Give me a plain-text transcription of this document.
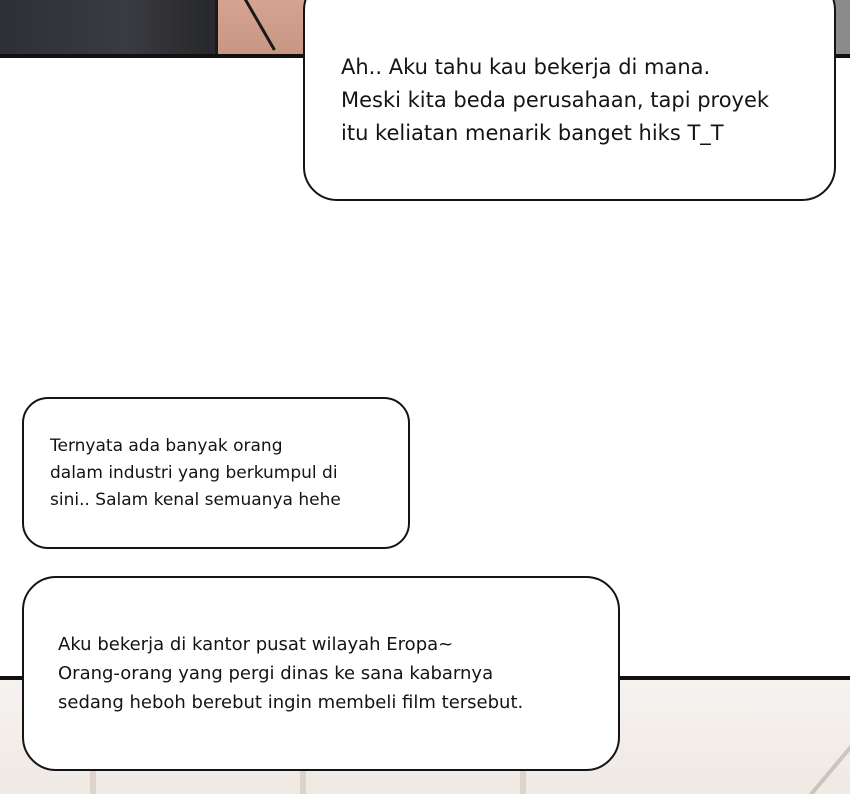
Ah.. Aku tahu kau bekerja di mana.
Meski kita beda perusahaan, tapi proyek
itu keliatan menarik banget hiks T_T

Ternyata ada banyak orang
dalam industri yang berkumpul di
sini.. Salam kenal semuanya hehe

Aku bekerja di kantor pusat wilayah Eropa~
Orang-orang yang pergi dinas ke sana kabarnya
sedang heboh berebut ingin membeli film tersebut.
